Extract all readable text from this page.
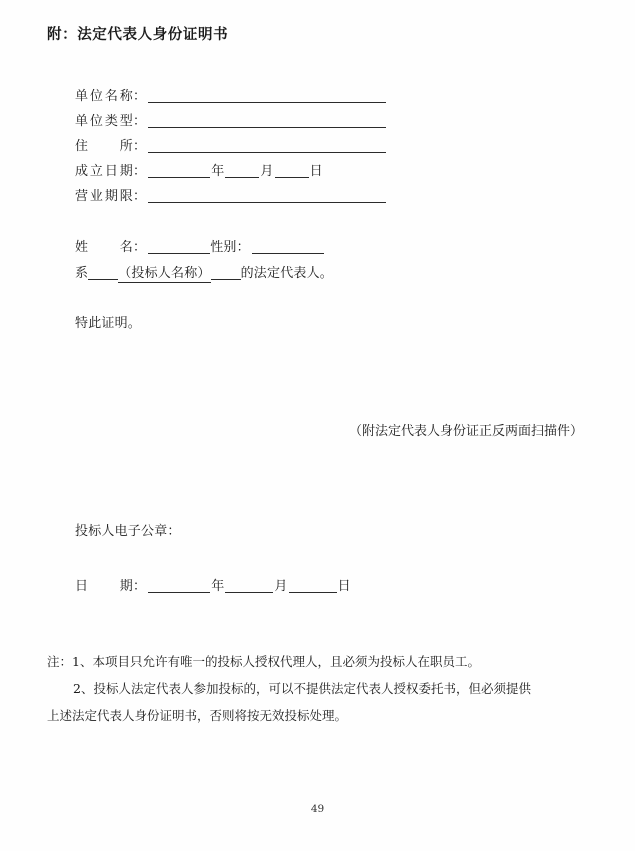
附：法定代表人身份证明书
单位名称：
单位类型：
住　　所：
成立日期：	年	月	日
营业期限：
姓名：	性别：
系 （投标人名称） 的法定代表人。
特此证明。
（附法定代表人身份证正反两面扫描件）
投标人电子公章：
日期：	年	月	日
注：1、本项目只允许有唯一的投标人授权代理人，且必须为投标人在职员工。
2、投标人法定代表人参加投标的，可以不提供法定代表人授权委托书，但必须提供
上述法定代表人身份证明书，否则将按无效投标处理。
49
